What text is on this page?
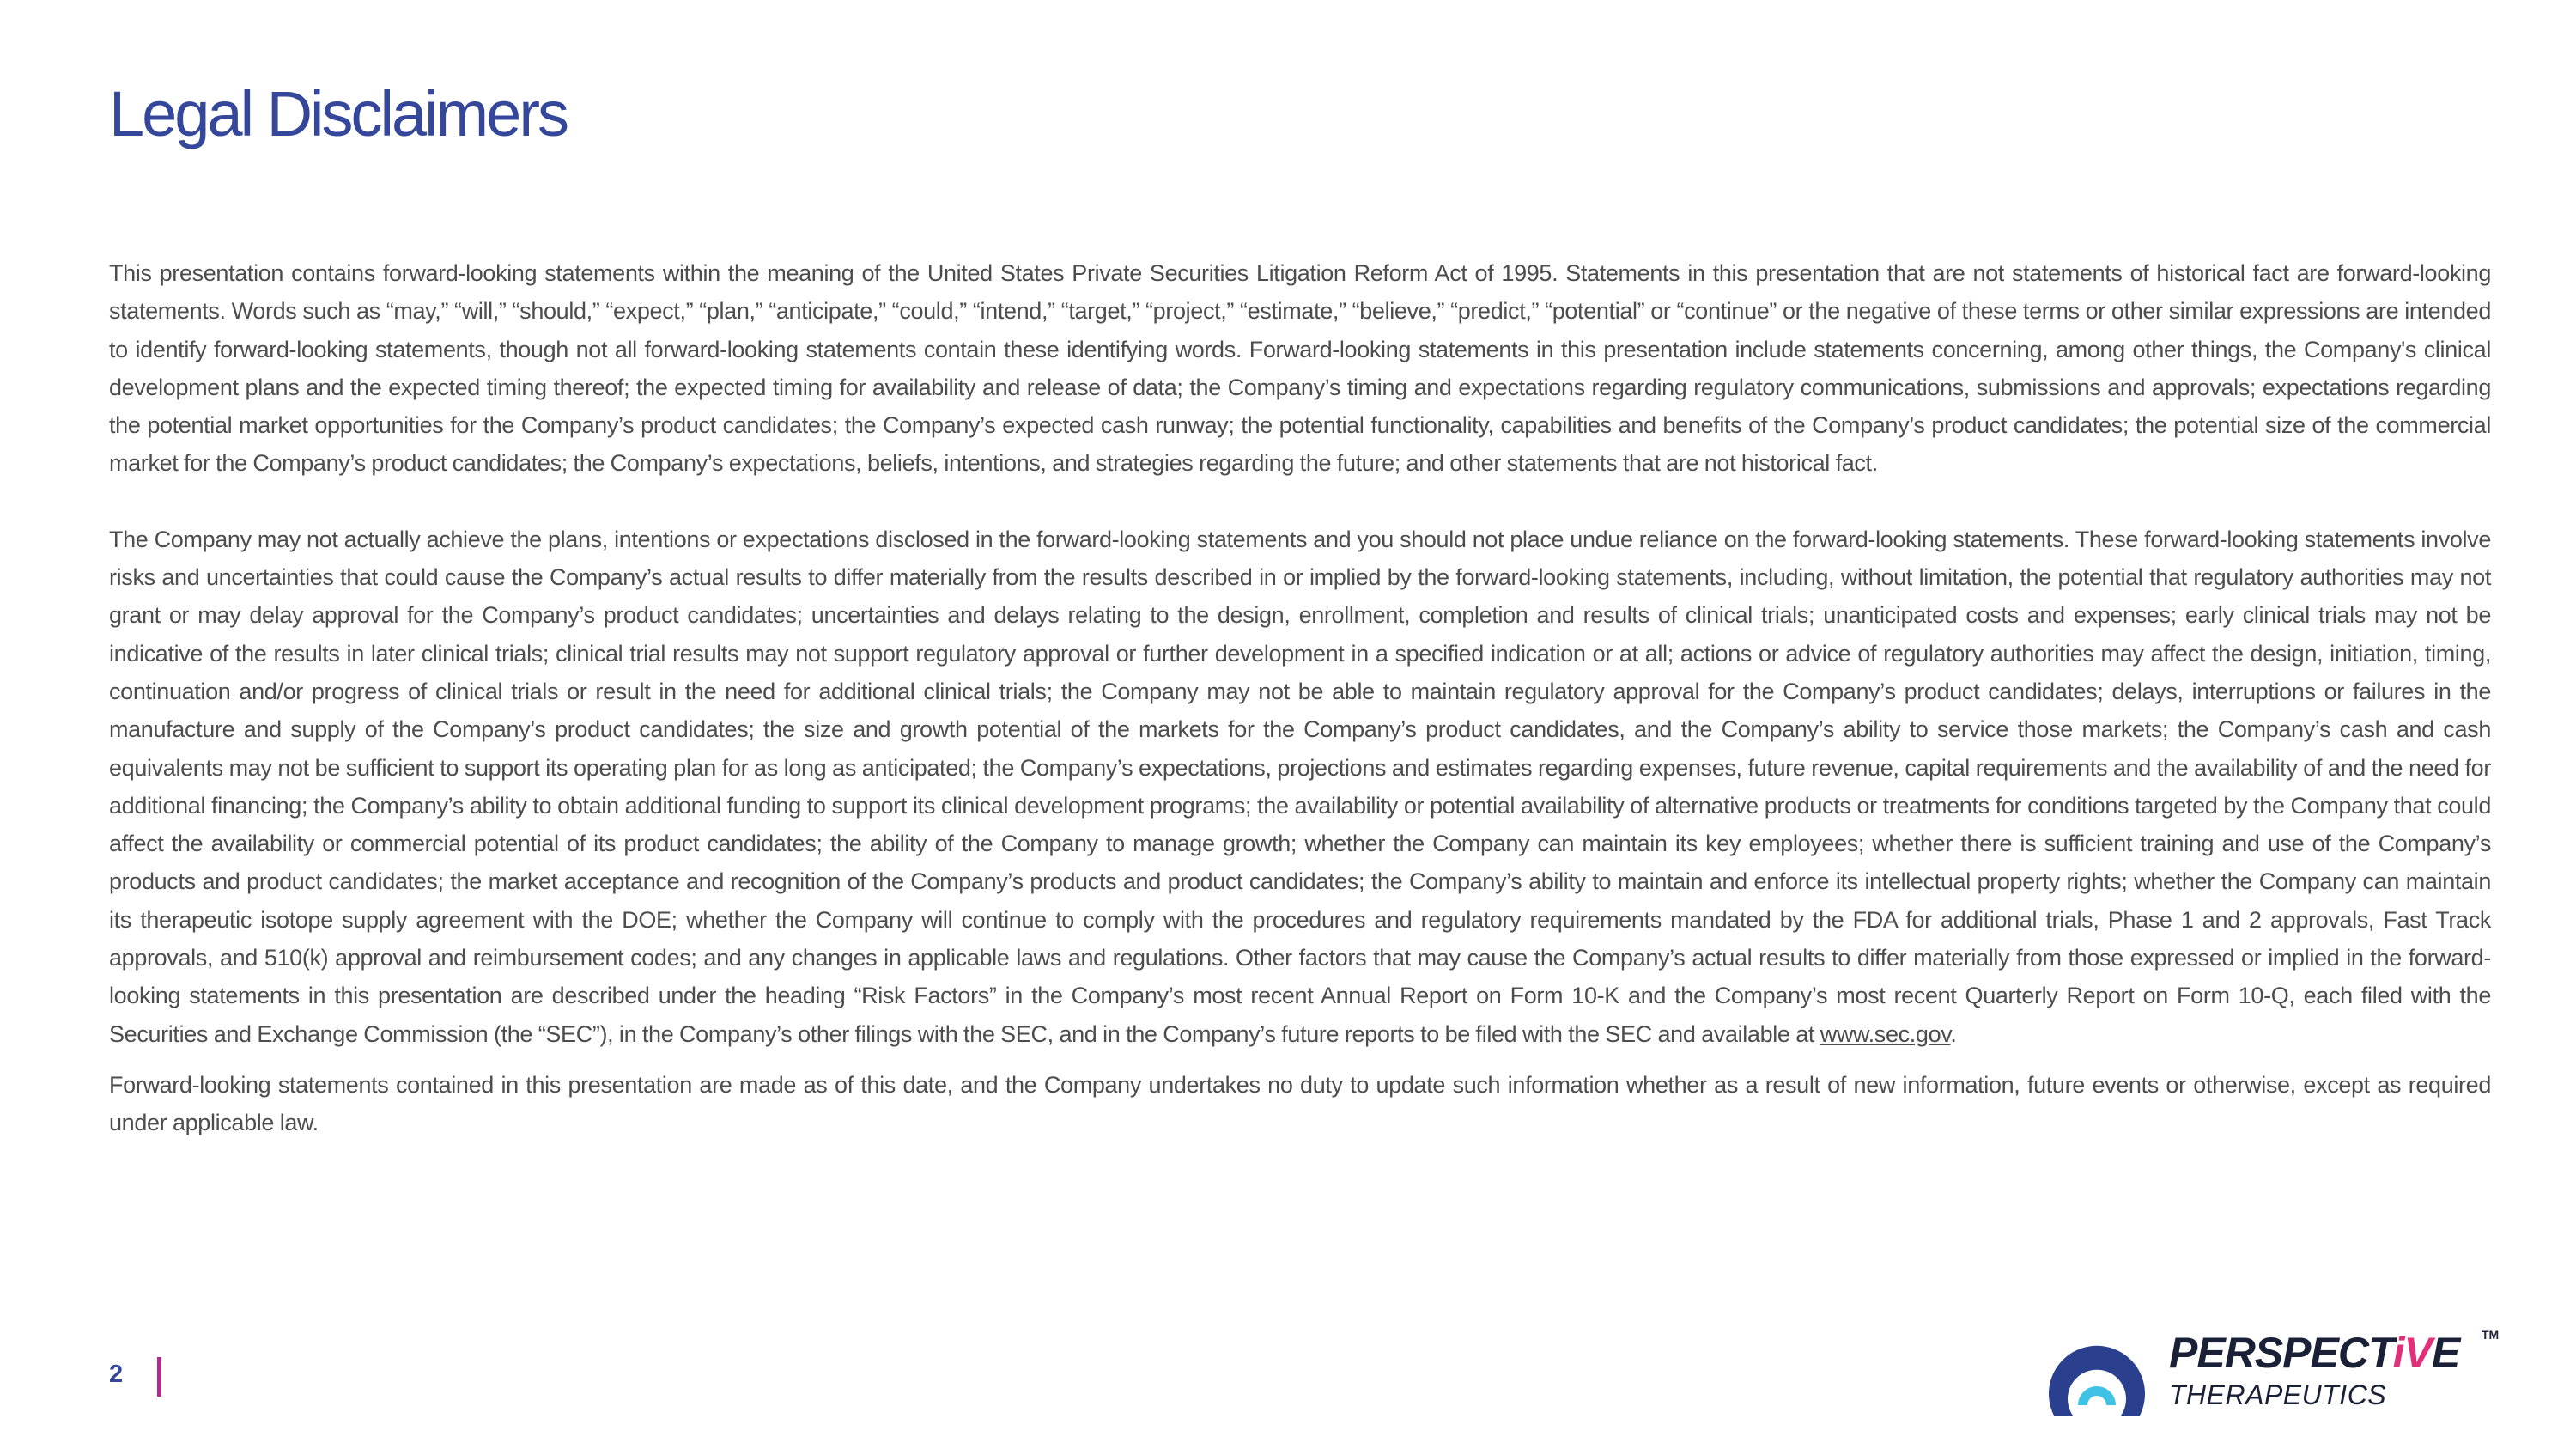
Legal Disclaimers

This presentation contains forward-looking statements within the meaning of the United States Private Securities Litigation Reform Act of 1995. Statements in this presentation that are not statements of historical fact are forward-looking statements. Words such as “may,” “will,” “should,” “expect,” “plan,” “anticipate,” “could,” “intend,” “target,” “project,” “estimate,” “believe,” “predict,” “potential” or “continue” or the negative of these terms or other similar expressions are intended to identify forward-looking statements, though not all forward-looking statements contain these identifying words. Forward-looking statements in this presentation include statements concerning, among other things, the Company's clinical development plans and the expected timing thereof; the expected timing for availability and release of data; the Company’s timing and expectations regarding regulatory communications, submissions and approvals; expectations regarding the potential market opportunities for the Company’s product candidates; the Company’s expected cash runway; the potential functionality, capabilities and benefits of the Company’s product candidates; the potential size of the commercial market for the Company’s product candidates; the Company’s expectations, beliefs, intentions, and strategies regarding the future; and other statements that are not historical fact.

The Company may not actually achieve the plans, intentions or expectations disclosed in the forward-looking statements and you should not place undue reliance on the forward-looking statements. These forward-looking statements involve risks and uncertainties that could cause the Company’s actual results to differ materially from the results described in or implied by the forward-looking statements, including, without limitation, the potential that regulatory authorities may not grant or may delay approval for the Company’s product candidates; uncertainties and delays relating to the design, enrollment, completion and results of clinical trials; unanticipated costs and expenses; early clinical trials may not be indicative of the results in later clinical trials; clinical trial results may not support regulatory approval or further development in a specified indication or at all; actions or advice of regulatory authorities may affect the design, initiation, timing, continuation and/or progress of clinical trials or result in the need for additional clinical trials; the Company may not be able to maintain regulatory approval for the Company’s product candidates; delays, interruptions or failures in the manufacture and supply of the Company’s product candidates; the size and growth potential of the markets for the Company’s product candidates, and the Company’s ability to service those markets; the Company’s cash and cash equivalents may not be sufficient to support its operating plan for as long as anticipated; the Company’s expectations, projections and estimates regarding expenses, future revenue, capital requirements and the availability of and the need for additional financing; the Company’s ability to obtain additional funding to support its clinical development programs; the availability or potential availability of alternative products or treatments for conditions targeted by the Company that could affect the availability or commercial potential of its product candidates; the ability of the Company to manage growth; whether the Company can maintain its key employees; whether there is sufficient training and use of the Company’s products and product candidates; the market acceptance and recognition of the Company’s products and product candidates; the Company’s ability to maintain and enforce its intellectual property rights; whether the Company can maintain its therapeutic isotope supply agreement with the DOE; whether the Company will continue to comply with the procedures and regulatory requirements mandated by the FDA for additional trials, Phase 1 and 2 approvals, Fast Track approvals, and 510(k) approval and reimbursement codes; and any changes in applicable laws and regulations. Other factors that may cause the Company’s actual results to differ materially from those expressed or implied in the forward-looking statements in this presentation are described under the heading “Risk Factors” in the Company’s most recent Annual Report on Form 10-K and the Company’s most recent Quarterly Report on Form 10-Q, each filed with the Securities and Exchange Commission (the “SEC”), in the Company’s other filings with the SEC, and in the Company’s future reports to be filed with the SEC and available at www.sec.gov.

Forward-looking statements contained in this presentation are made as of this date, and the Company undertakes no duty to update such information whether as a result of new information, future events or otherwise, except as required under applicable law.

2	PERSPECTiVE TM
THERAPEUTICS
